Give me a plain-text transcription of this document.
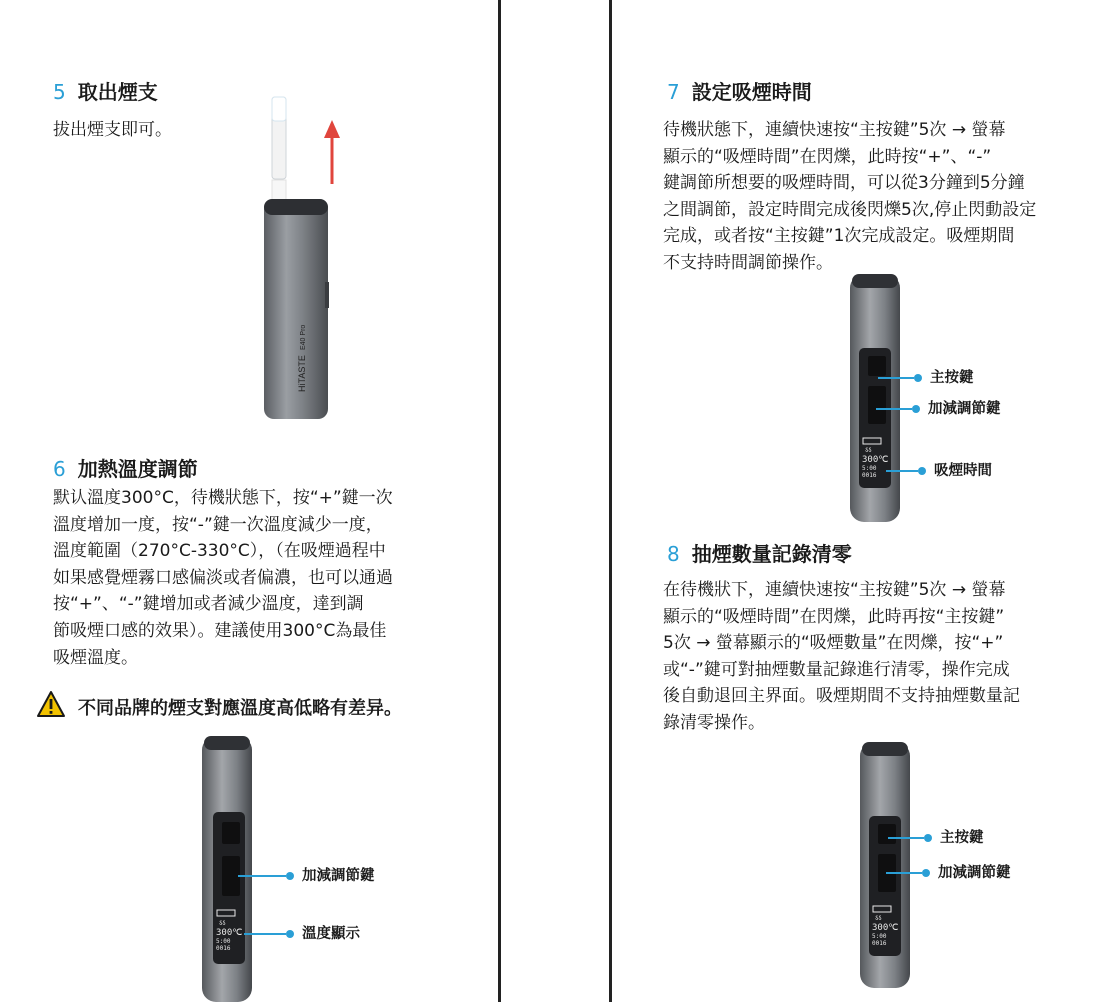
5 取出煙支
拔出煙支即可。
HiTASTE
E40 Pro
6 加熱溫度調節
默认溫度300°C，待機狀態下，按“+”鍵一次
溫度增加一度，按“-”鍵一次溫度減少一度，
溫度範圍（270°C-330°C），（在吸煙過程中
如果感覺煙霧口感偏淡或者偏濃，也可以通過
按“+”、“-”鍵增加或者減少溫度，達到調
節吸煙口感的效果）。建議使用300°C為最佳
吸煙溫度。
不同品牌的煙支對應溫度高低略有差异。
ऽऽ
300℃
5:00
0016
加減調節鍵
溫度顯示
7 設定吸煙時間
待機狀態下，連續快速按“主按鍵”5次 → 螢幕
顯示的“吸煙時間”在閃爍，此時按“+”、“-”
鍵調節所想要的吸煙時間，可以從3分鐘到5分鐘
之間調節，設定時間完成後閃爍5次,停止閃動設定
完成，或者按“主按鍵”1次完成設定。吸煙期間
不支持時間調節操作。
ऽऽ
300℃
5:00
0016
主按鍵
加減調節鍵
吸煙時間
8 抽煙數量記錄清零
在待機狀下，連續快速按“主按鍵”5次 → 螢幕
顯示的“吸煙時間”在閃爍，此時再按“主按鍵”
5次 → 螢幕顯示的“吸煙數量”在閃爍，按“+”
或“-”鍵可對抽煙數量記錄進行清零，操作完成
後自動退回主界面。吸煙期間不支持抽煙數量記
錄清零操作。
ऽऽ
300℃
5:00
0016
主按鍵
加減調節鍵
